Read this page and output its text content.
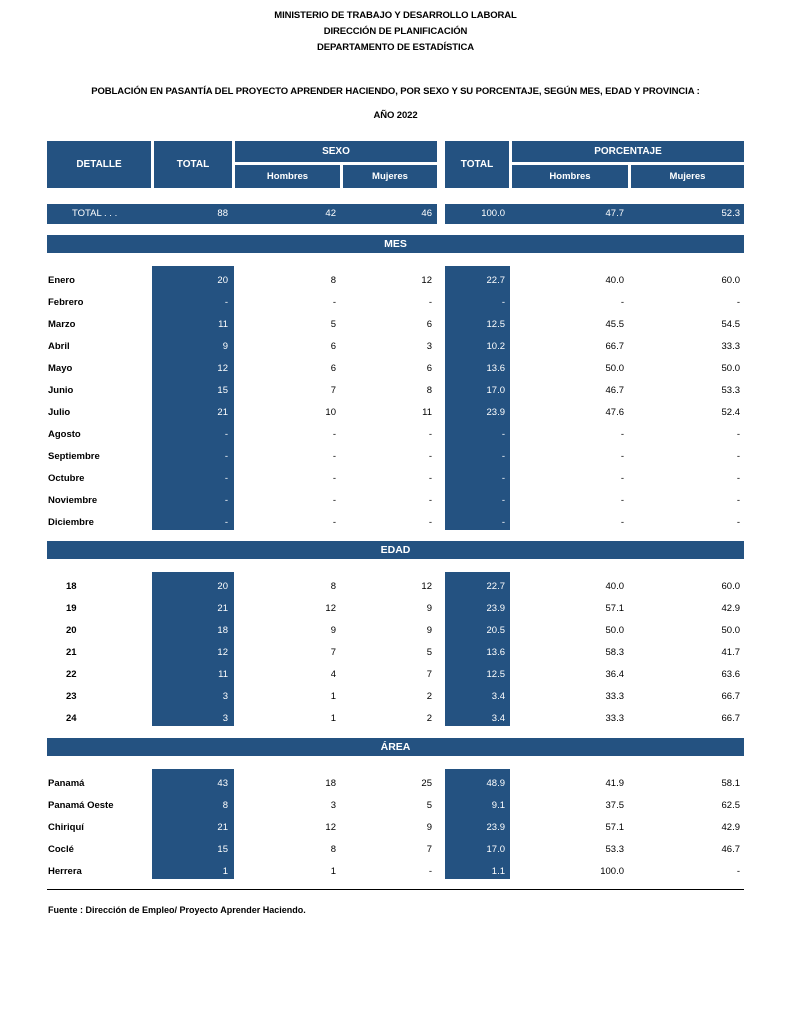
MINISTERIO DE TRABAJO Y DESARROLLO LABORAL
DIRECCIÓN DE PLANIFICACIÓN
DEPARTAMENTO DE ESTADÍSTICA
POBLACIÓN EN PASANTÍA DEL PROYECTO APRENDER HACIENDO, POR SEXO Y SU PORCENTAJE, SEGÚN MES, EDAD Y PROVINCIA :
AÑO 2022
DETALLE	TOTAL
SEXO
Hombres	Mujeres
TOTAL
PORCENTAJE
Hombres	Mujeres
TOTAL . . .	88	42	46	100.0	47.7	52.3
MES
EDAD
ÁREA
Enero	20	8	12	22.7	40.0	60.0
Febrero	-	-	-	-	-	-
Marzo	11	5	6	12.5	45.5	54.5
Abril	9	6	3	10.2	66.7	33.3
Mayo	12	6	6	13.6	50.0	50.0
Junio	15	7	8	17.0	46.7	53.3
Julio	21	10	11	23.9	47.6	52.4
Agosto	-	-	-	-	-	-
Septiembre	-	-	-	-	-	-
Octubre	-	-	-	-	-	-
Noviembre	-	-	-	-	-	-
Diciembre	-	-	-	-	-	-
18	20	8	12	22.7	40.0	60.0
19	21	12	9	23.9	57.1	42.9
20	18	9	9	20.5	50.0	50.0
21	12	7	5	13.6	58.3	41.7
22	11	4	7	12.5	36.4	63.6
23	3	1	2	3.4	33.3	66.7
24	3	1	2	3.4	33.3	66.7
Panamá	43	18	25	48.9	41.9	58.1
Panamá Oeste	8	3	5	9.1	37.5	62.5
Chiriquí	21	12	9	23.9	57.1	42.9
Coclé	15	8	7	17.0	53.3	46.7
Herrera	1	1	-	1.1	100.0	-
Fuente : Dirección de Empleo/ Proyecto Aprender Haciendo.
